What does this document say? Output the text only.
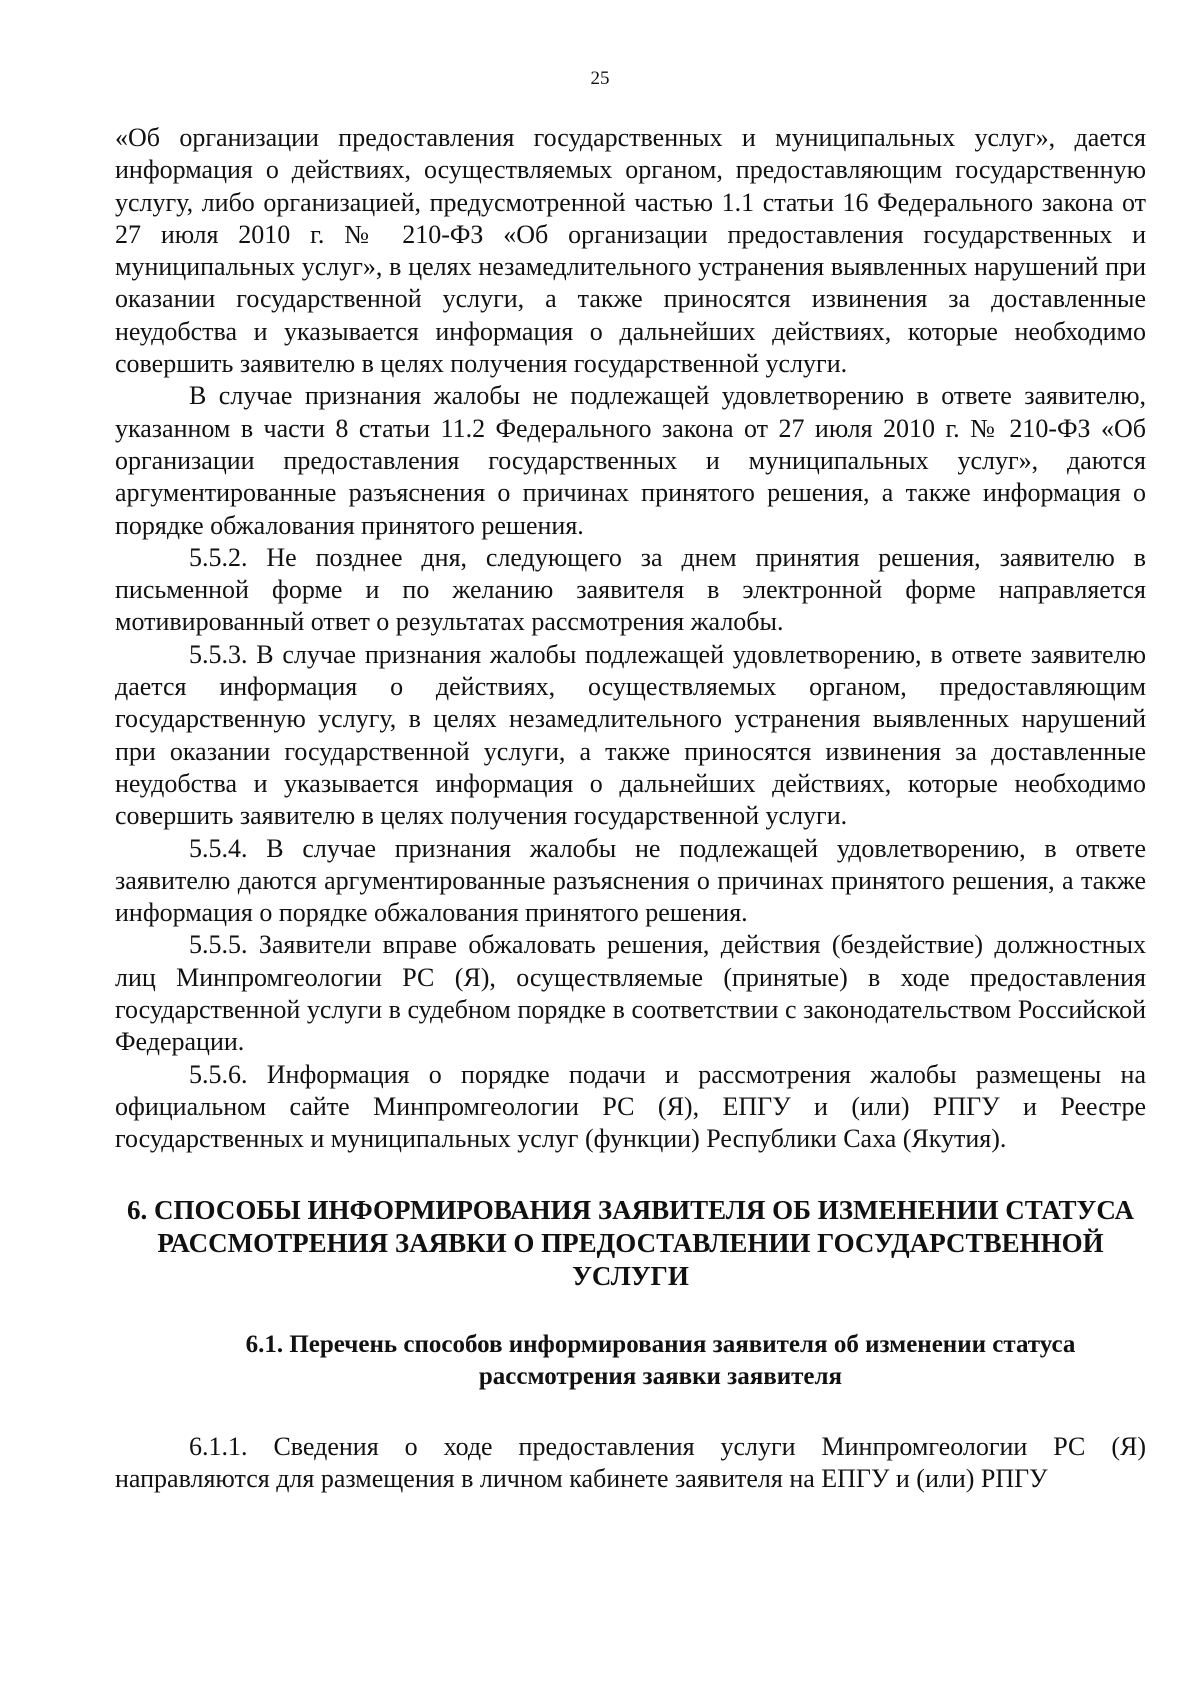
25

«Об организации предоставления государственных и муниципальных услуг», дается информация о действиях, осуществляемых органом, предоставляющим государственную услугу, либо организацией, предусмотренной частью 1.1 статьи 16 Федерального закона от 27 июля 2010 г. № 210-ФЗ «Об организации предоставления государственных и муниципальных услуг», в целях незамедлительного устранения выявленных нарушений при оказании государственной услуги, а также приносятся извинения за доставленные неудобства и указывается информация о дальнейших действиях, которые необходимо совершить заявителю в целях получения государственной услуги.

В случае признания жалобы не подлежащей удовлетворению в ответе заявителю, указанном в части 8 статьи 11.2 Федерального закона от 27 июля 2010 г. № 210-ФЗ «Об организации предоставления государственных и муниципальных услуг», даются аргументированные разъяснения о причинах принятого решения, а также информация о порядке обжалования принятого решения.

5.5.2. Не позднее дня, следующего за днем принятия решения, заявителю в письменной форме и по желанию заявителя в электронной форме направляется мотивированный ответ о результатах рассмотрения жалобы.

5.5.3. В случае признания жалобы подлежащей удовлетворению, в ответе заявителю дается информация о действиях, осуществляемых органом, предоставляющим государственную услугу, в целях незамедлительного устранения выявленных нарушений при оказании государственной услуги, а также приносятся извинения за доставленные неудобства и указывается информация о дальнейших действиях, которые необходимо совершить заявителю в целях получения государственной услуги.

5.5.4. В случае признания жалобы не подлежащей удовлетворению, в ответе заявителю даются аргументированные разъяснения о причинах принятого решения, а также информация о порядке обжалования принятого решения.

5.5.5. Заявители вправе обжаловать решения, действия (бездействие) должностных лиц Минпромгеологии РС (Я), осуществляемые (принятые) в ходе предоставления государственной услуги в судебном порядке в соответствии с законодательством Российской Федерации.

5.5.6. Информация о порядке подачи и рассмотрения жалобы размещены на официальном сайте Минпромгеологии РС (Я), ЕПГУ и (или) РПГУ и Реестре государственных и муниципальных услуг (функции) Республики Саха (Якутия).

6. СПОСОБЫ ИНФОРМИРОВАНИЯ ЗАЯВИТЕЛЯ ОБ ИЗМЕНЕНИИ СТАТУСА РАССМОТРЕНИЯ ЗАЯВКИ О ПРЕДОСТАВЛЕНИИ ГОСУДАРСТВЕННОЙ УСЛУГИ
6.1. Перечень способов информирования заявителя об изменении статуса рассмотрения заявки заявителя

6.1.1. Сведения о ходе предоставления услуги Минпромгеологии РС (Я) направляются для размещения в личном кабинете заявителя на ЕПГУ и (или) РПГУ
